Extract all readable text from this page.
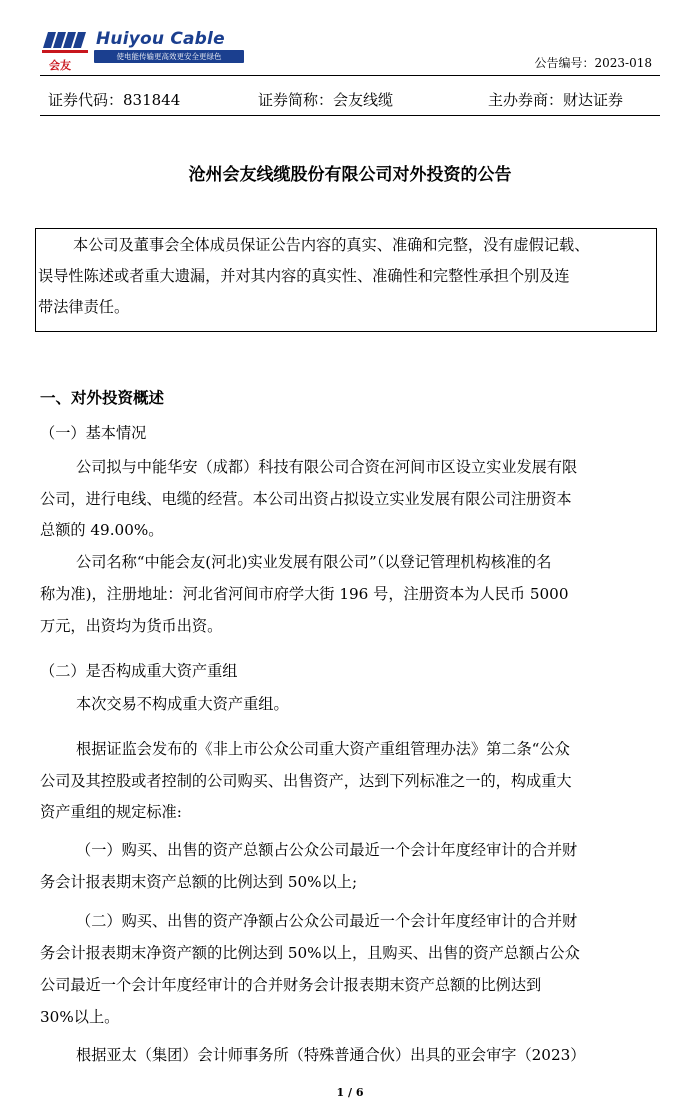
Huiyou Cable
使电能传输更高效更安全更绿色
会友	公告编号：2023-018
证券代码：831844	证券简称：会友线缆	主办券商：财达证券
沧州会友线缆股份有限公司对外投资的公告
本公司及董事会全体成员保证公告内容的真实、准确和完整，没有虚假记载、
误导性陈述或者重大遗漏，并对其内容的真实性、准确性和完整性承担个别及连
带法律责任。
一、对外投资概述
（一）基本情况
公司拟与中能华安（成都）科技有限公司合资在河间市区设立实业发展有限
公司，进行电线、电缆的经营。本公司出资占拟设立实业发展有限公司注册资本
总额的 49.00%。
公司名称“中能会友(河北)实业发展有限公司”（以登记管理机构核准的名
称为准)，注册地址：河北省河间市府学大街 196 号，注册资本为人民币 5000
万元，出资均为货币出资。
（二）是否构成重大资产重组
本次交易不构成重大资产重组。
根据证监会发布的《非上市公众公司重大资产重组管理办法》第二条“公众
公司及其控股或者控制的公司购买、出售资产，达到下列标准之一的，构成重大
资产重组的规定标准:
（一）购买、出售的资产总额占公众公司最近一个会计年度经审计的合并财
务会计报表期末资产总额的比例达到 50%以上;
（二）购买、出售的资产净额占公众公司最近一个会计年度经审计的合并财
务会计报表期末净资产额的比例达到 50%以上，且购买、出售的资产总额占公众
公司最近一个会计年度经审计的合并财务会计报表期末资产总额的比例达到
30%以上。
根据亚太（集团）会计师事务所（特殊普通合伙）出具的亚会审字（2023）
1 / 6
